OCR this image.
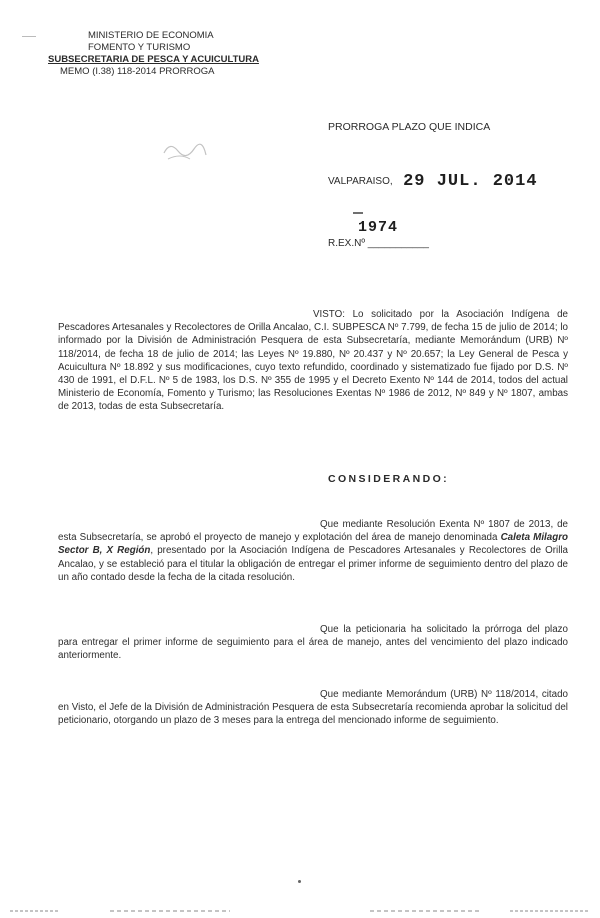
MINISTERIO DE ECONOMIA
FOMENTO Y TURISMO
SUBSECRETARIA DE PESCA Y ACUICULTURA
MEMO (I.38) 118-2014 PRORROGA
PRORROGA PLAZO QUE INDICA
VALPARAISO, 29 JUL. 2014
1974
R.EX.Nº ___________
VISTO: Lo solicitado por la Asociación Indígena de Pescadores Artesanales y Recolectores de Orilla Ancalao, C.I. SUBPESCA Nº 7.799, de fecha 15 de julio de 2014; lo informado por la División de Administración Pesquera de esta Subsecretaría, mediante Memorándum (URB) Nº 118/2014, de fecha 18 de julio de 2014; las Leyes Nº 19.880, Nº 20.437 y Nº 20.657; la Ley General de Pesca y Acuicultura Nº 18.892 y sus modificaciones, cuyo texto refundido, coordinado y sistematizado fue fijado por D.S. Nº 430 de 1991, el D.F.L. Nº 5 de 1983, los D.S. Nº 355 de 1995 y el Decreto Exento Nº 144 de 2014, todos del actual Ministerio de Economía, Fomento y Turismo; las Resoluciones Exentas Nº 1986 de 2012, Nº 849 y Nº 1807, ambas de 2013, todas de esta Subsecretaría.
CONSIDERANDO:
Que mediante Resolución Exenta Nº 1807 de 2013, de esta Subsecretaría, se aprobó el proyecto de manejo y explotación del área de manejo denominada Caleta Milagro Sector B, X Región, presentado por la Asociación Indígena de Pescadores Artesanales y Recolectores de Orilla Ancalao, y se estableció para el titular la obligación de entregar el primer informe de seguimiento dentro del plazo de un año contado desde la fecha de la citada resolución.
Que la peticionaria ha solicitado la prórroga del plazo para entregar el primer informe de seguimiento para el área de manejo, antes del vencimiento del plazo indicado anteriormente.
Que mediante Memorándum (URB) Nº 118/2014, citado en Visto, el Jefe de la División de Administración Pesquera de esta Subsecretaría recomienda aprobar la solicitud del peticionario, otorgando un plazo de 3 meses para la entrega del mencionado informe de seguimiento.
